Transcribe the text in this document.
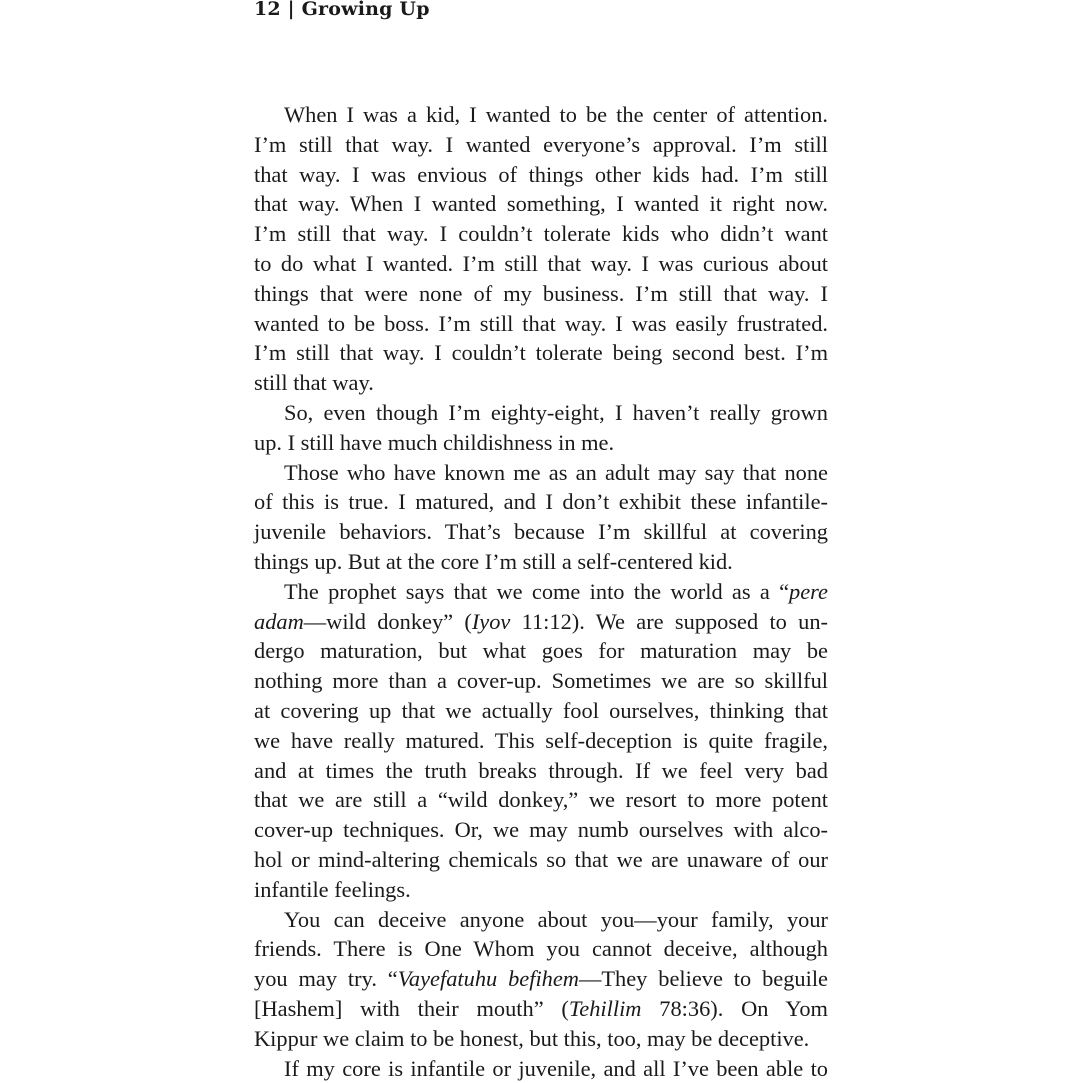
12 | Growing Up
When I was a kid, I wanted to be the center of attention.
I’m still that way. I wanted everyone’s approval. I’m still
that way. I was envious of things other kids had. I’m still
that way. When I wanted something, I wanted it right now.
I’m still that way. I couldn’t tolerate kids who didn’t want
to do what I wanted. I’m still that way. I was curious about
things that were none of my business. I’m still that way. I
wanted to be boss. I’m still that way. I was easily frustrated.
I’m still that way. I couldn’t tolerate being second best. I’m
still that way.
So, even though I’m eighty-eight, I haven’t really grown
up. I still have much childishness in me.
Those who have known me as an adult may say that none
of this is true. I matured, and I don’t exhibit these infantile-
juvenile behaviors. That’s because I’m skillful at covering
things up. But at the core I’m still a self-centered kid.
The prophet says that we come into the world as a “pere
adam—wild donkey” (Iyov 11:12). We are supposed to un-
dergo maturation, but what goes for maturation may be
nothing more than a cover-up. Sometimes we are so skillful
at covering up that we actually fool ourselves, thinking that
we have really matured. This self-deception is quite fragile,
and at times the truth breaks through. If we feel very bad
that we are still a “wild donkey,” we resort to more potent
cover-up techniques. Or, we may numb ourselves with alco-
hol or mind-altering chemicals so that we are unaware of our
infantile feelings.
You can deceive anyone about you—your family, your
friends. There is One Whom you cannot deceive, although
you may try. “Vayefatuhu befihem—They believe to beguile
[Hashem] with their mouth” (Tehillim 78:36). On Yom
Kippur we claim to be honest, but this, too, may be deceptive.
If my core is infantile or juvenile, and all I’ve been able to
